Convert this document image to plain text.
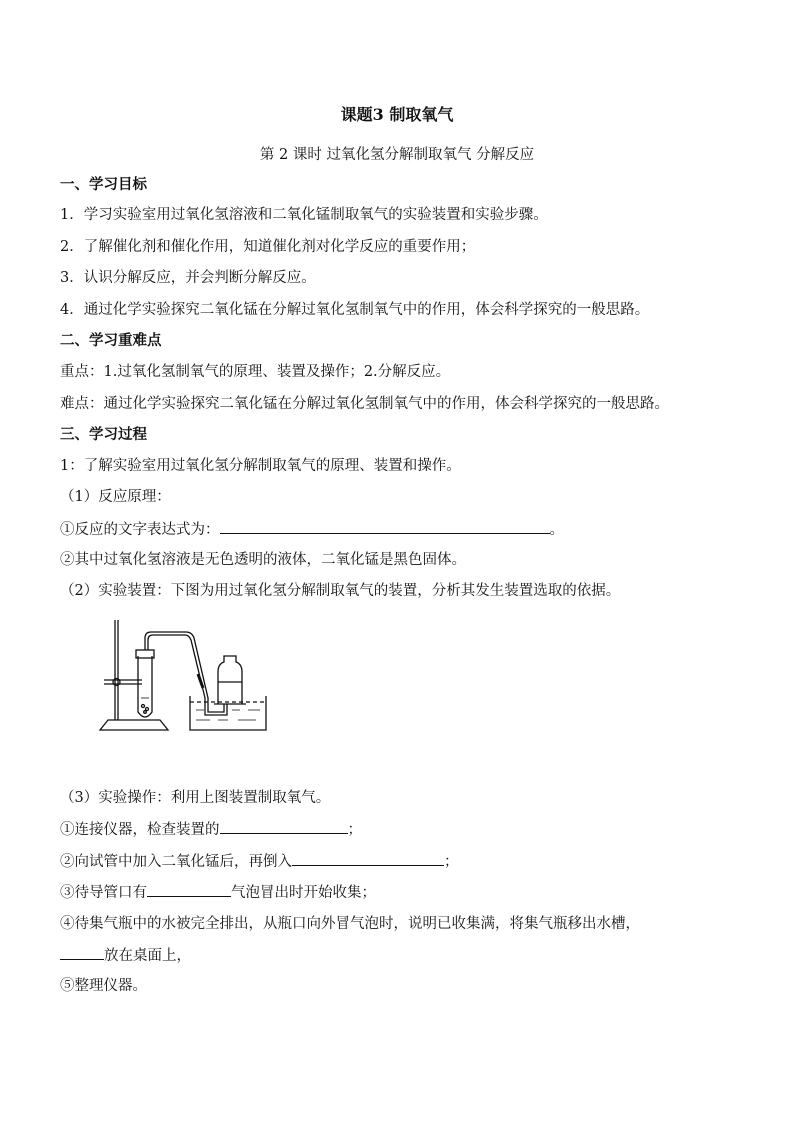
课题3 制取氧气
第 2 课时 过氧化氢分解制取氧气 分解反应
一、学习目标
1．学习实验室用过氧化氢溶液和二氧化锰制取氧气的实验装置和实验步骤。
2．了解催化剂和催化作用，知道催化剂对化学反应的重要作用；
3．认识分解反应，并会判断分解反应。
4．通过化学实验探究二氧化锰在分解过氧化氢制氧气中的作用，体会科学探究的一般思路。
二、学习重难点
重点：1.过氧化氢制氧气的原理、装置及操作；2.分解反应。
难点：通过化学实验探究二氧化锰在分解过氧化氢制氧气中的作用，体会科学探究的一般思路。
三、学习过程
1：了解实验室用过氧化氢分解制取氧气的原理、装置和操作。
（1）反应原理：
①反应的文字表达式为：	。
②其中过氧化氢溶液是无色透明的液体，二氧化锰是黑色固体。
（2）实验装置：下图为用过氧化氢分解制取氧气的装置，分析其发生装置选取的依据。
（3）实验操作：利用上图装置制取氧气。
①连接仪器，检查装置的	；
②向试管中加入二氧化锰后，再倒入	；
③待导管口有	气泡冒出时开始收集；
④待集气瓶中的水被完全排出，从瓶口向外冒气泡时，说明已收集满，将集气瓶移出水槽，
放在桌面上，
⑤整理仪器。
